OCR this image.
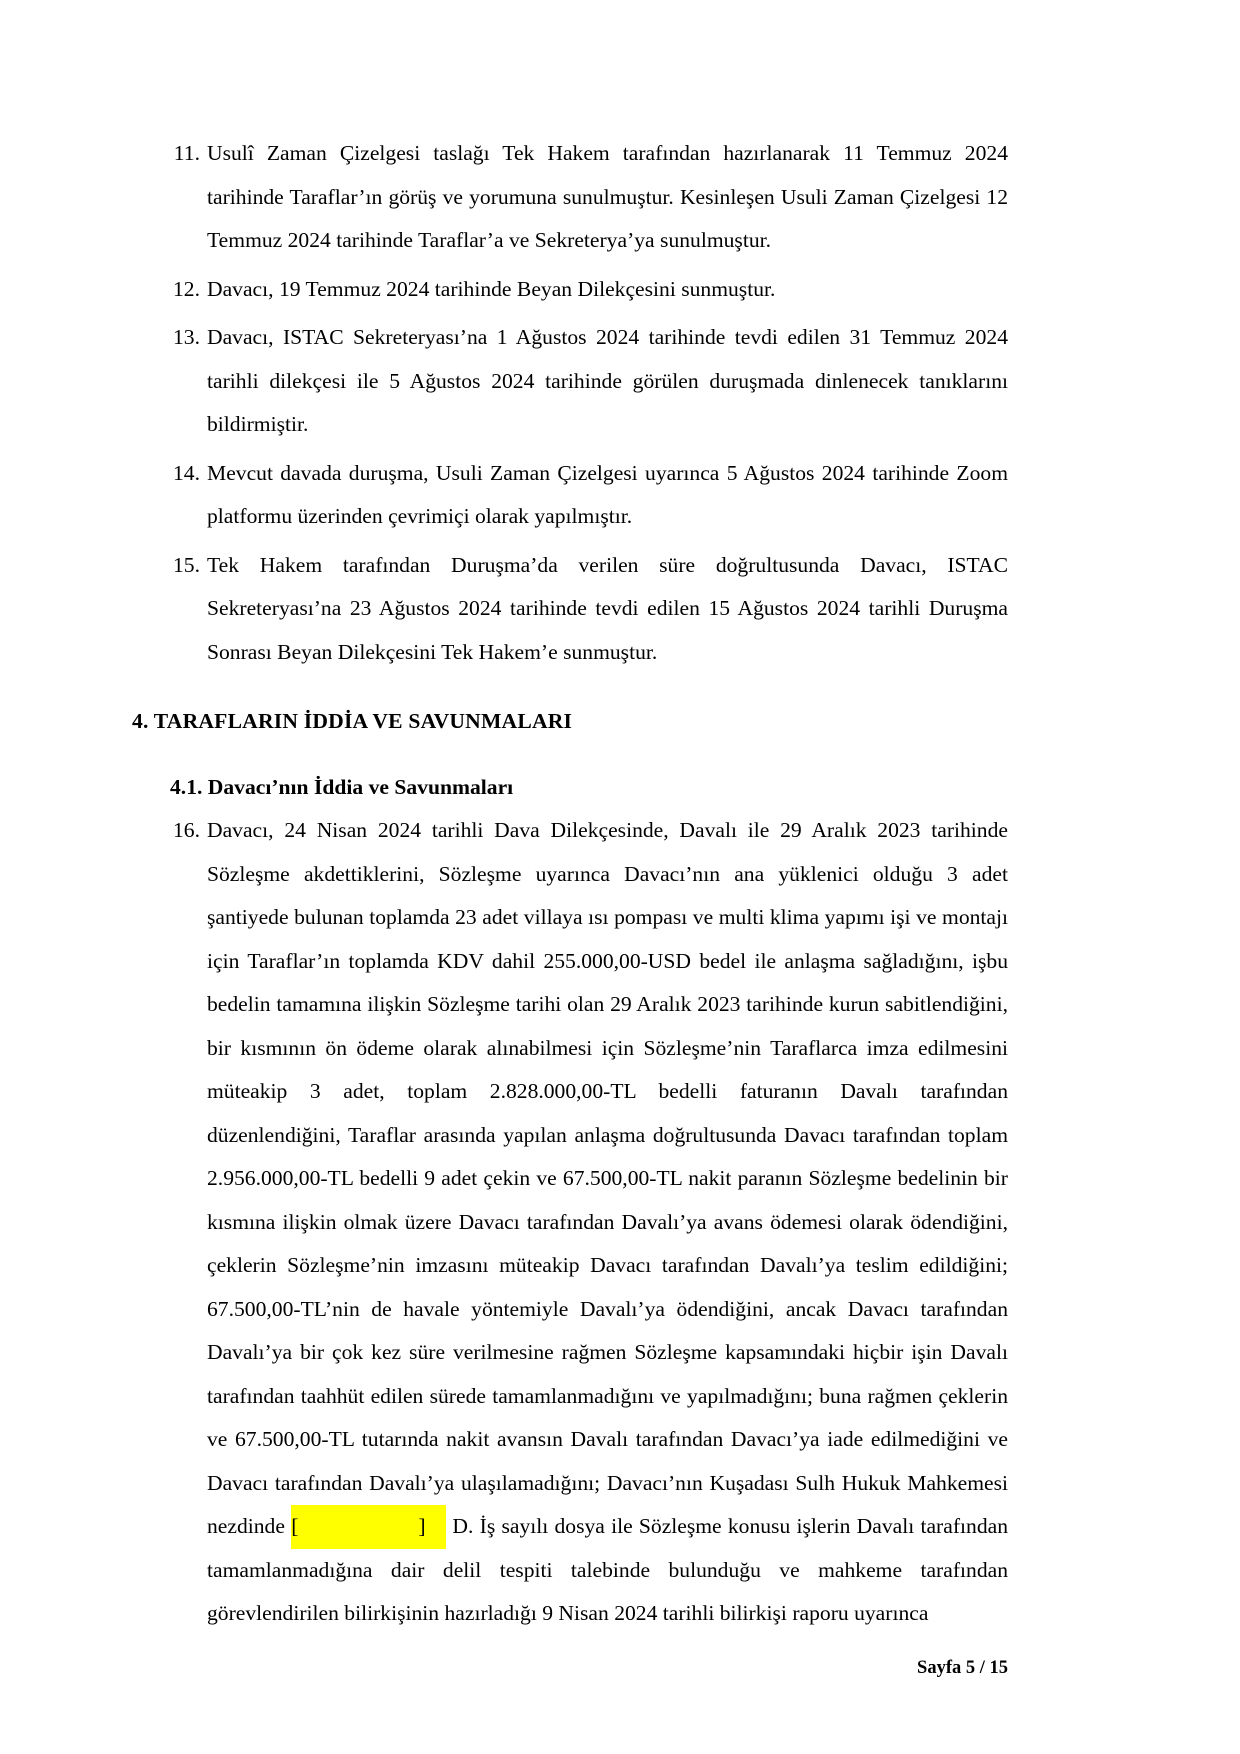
11. Usulî Zaman Çizelgesi taslağı Tek Hakem tarafından hazırlanarak 11 Temmuz 2024 tarihinde Taraflar’ın görüş ve yorumuna sunulmuştur. Kesinleşen Usuli Zaman Çizelgesi 12 Temmuz 2024 tarihinde Taraflar’a ve Sekreterya’ya sunulmuştur.
12. Davacı, 19 Temmuz 2024 tarihinde Beyan Dilekçesini sunmuştur.
13. Davacı, ISTAC Sekreteryası’na 1 Ağustos 2024 tarihinde tevdi edilen 31 Temmuz 2024 tarihli dilekçesi ile 5 Ağustos 2024 tarihinde görülen duruşmada dinlenecek tanıklarını bildirmiştir.
14. Mevcut davada duruşma, Usuli Zaman Çizelgesi uyarınca 5 Ağustos 2024 tarihinde Zoom platformu üzerinden çevrimiçi olarak yapılmıştır.
15. Tek Hakem tarafından Duruşma’da verilen süre doğrultusunda Davacı, ISTAC Sekreteryası’na 23 Ağustos 2024 tarihinde tevdi edilen 15 Ağustos 2024 tarihli Duruşma Sonrası Beyan Dilekçesini Tek Hakem’e sunmuştur.
4. TARAFLARIN İDDİA VE SAVUNMALARI
4.1. Davacı’nın İddia ve Savunmaları
16. Davacı, 24 Nisan 2024 tarihli Dava Dilekçesinde, Davalı ile 29 Aralık 2023 tarihinde Sözleşme akdettiklerini, Sözleşme uyarınca Davacı’nın ana yüklenici olduğu 3 adet şantiyede bulunan toplamda 23 adet villaya ısı pompası ve multi klima yapımı işi ve montajı için Taraflar’ın toplamda KDV dahil 255.000,00-USD bedel ile anlaşma sağladığını, işbu bedelin tamamına ilişkin Sözleşme tarihi olan 29 Aralık 2023 tarihinde kurun sabitlendiğini, bir kısmının ön ödeme olarak alınabilmesi için Sözleşme’nin Taraflarca imza edilmesini müteakip 3 adet, toplam 2.828.000,00-TL bedelli faturanın Davalı tarafından düzenlendiğini, Taraflar arasında yapılan anlaşma doğrultusunda Davacı tarafından toplam 2.956.000,00-TL bedelli 9 adet çekin ve 67.500,00-TL nakit paranın Sözleşme bedelinin bir kısmına ilişkin olmak üzere Davacı tarafından Davalı’ya avans ödemesi olarak ödendiğini, çeklerin Sözleşme’nin imzasını müteakip Davacı tarafından Davalı’ya teslim edildiğini; 67.500,00-TL’nin de havale yöntemiyle Davalı’ya ödendiğini, ancak Davacı tarafından Davalı’ya bir çok kez süre verilmesine rağmen Sözleşme kapsamındaki hiçbir işin Davalı tarafından taahhüt edilen sürede tamamlanmadığını ve yapılmadığını; buna rağmen çeklerin ve 67.500,00-TL tutarında nakit avansın Davalı tarafından Davacı’ya iade edilmediğini ve Davacı tarafından Davalı’ya ulaşılamadığını; Davacı’nın Kuşadası Sulh Hukuk Mahkemesi nezdinde [	] D. İş sayılı dosya ile Sözleşme konusu işlerin Davalı tarafından tamamlanmadığına dair delil tespiti talebinde bulunduğu ve mahkeme tarafından görevlendirilen bilirkişinin hazırladığı 9 Nisan 2024 tarihli bilirkişi raporu uyarınca
Sayfa 5 / 15
